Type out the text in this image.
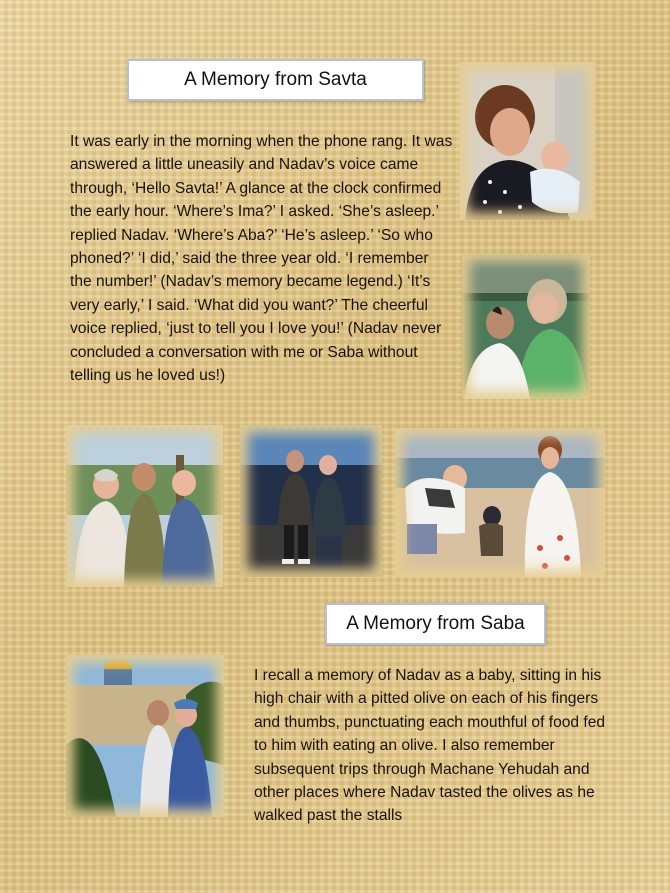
A Memory from Savta

It was early in the morning when the phone rang. It was answered a little uneasily and Nadav’s voice came through, ‘Hello Savta!’ A glance at the clock confirmed the early hour. ‘Where’s Ima?’ I asked. ‘She’s asleep.’ replied Nadav. ‘Where’s Aba?’ ‘He’s asleep.’ ‘So who phoned?’ ‘I did,’ said the three year old. ‘I remember the number!’ (Nadav’s memory became legend.) ‘It’s very early,’ I said. ‘What did you want?’ The cheerful voice replied, ‘just to tell you I love you!’ (Nadav never concluded a conversation with me or Saba without telling us he loved us!)

A Memory from Saba

I recall a memory of Nadav as a baby, sitting in his high chair with a pitted olive on each of his fingers and thumbs, punctuating each mouthful of food fed to him with eating an olive. I also remember subsequent trips through Machane Yehudah and other places where Nadav tasted the olives as he walked past the stalls
